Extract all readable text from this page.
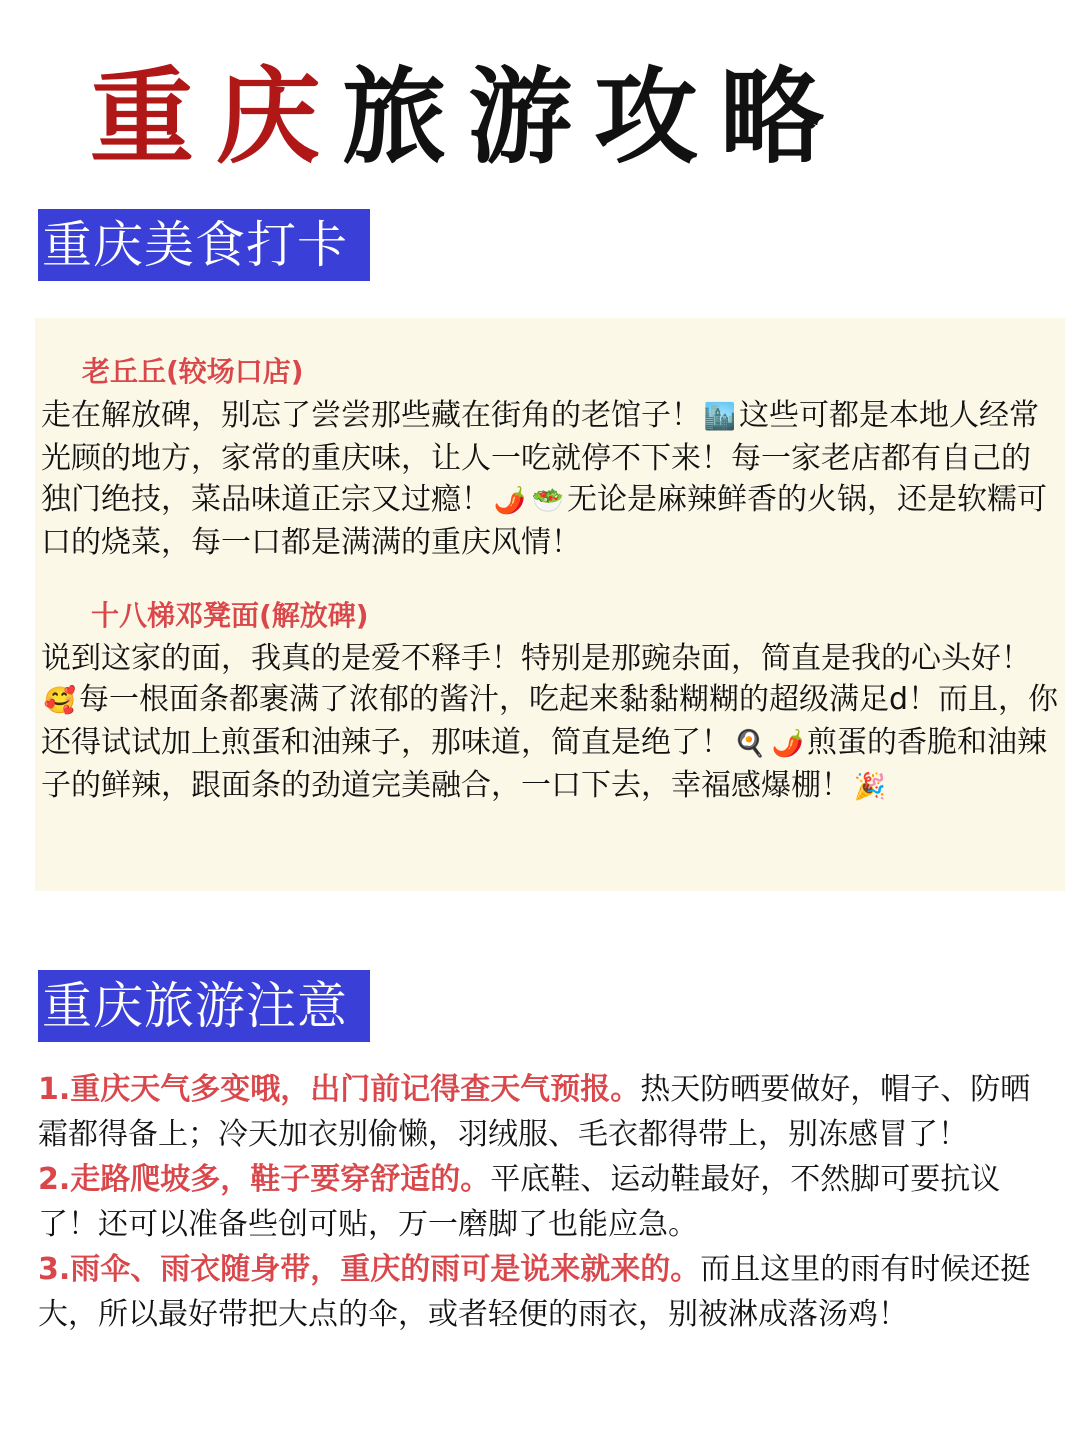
重庆旅游攻略
重庆美食打卡
老丘丘(较场口店)
走在解放碑，别忘了尝尝那些藏在街角的老馆子！ 🏙️这些可都是本地人经常光顾的地方，家常的重庆味，让人一吃就停不下来！每一家老店都有自己的独门绝技，菜品味道正宗又过瘾！ 🌶️ 🥗无论是麻辣鲜香的火锅，还是软糯可口的烧菜，每一口都是满满的重庆风情！
十八梯邓凳面(解放碑)
说到这家的面，我真的是爱不释手！特别是那豌杂面，简直是我的心头好！🥰每一根面条都裹满了浓郁的酱汁，吃起来黏黏糊糊的超级满足d！而且，你还得试试加上煎蛋和油辣子，那味道，简直是绝了！ 🍳 🌶️煎蛋的香脆和油辣子的鲜辣，跟面条的劲道完美融合，一口下去，幸福感爆棚！ 🎉
重庆旅游注意

1.重庆天气多变哦，出门前记得查天气预报。热天防晒要做好，帽子、防晒霜都得备上；冷天加衣别偷懒，羽绒服、毛衣都得带上，别冻感冒了！

2.走路爬坡多，鞋子要穿舒适的。平底鞋、运动鞋最好，不然脚可要抗议了！还可以准备些创可贴，万一磨脚了也能应急。

3.雨伞、雨衣随身带，重庆的雨可是说来就来的。而且这里的雨有时候还挺大，所以最好带把大点的伞，或者轻便的雨衣，别被淋成落汤鸡！
